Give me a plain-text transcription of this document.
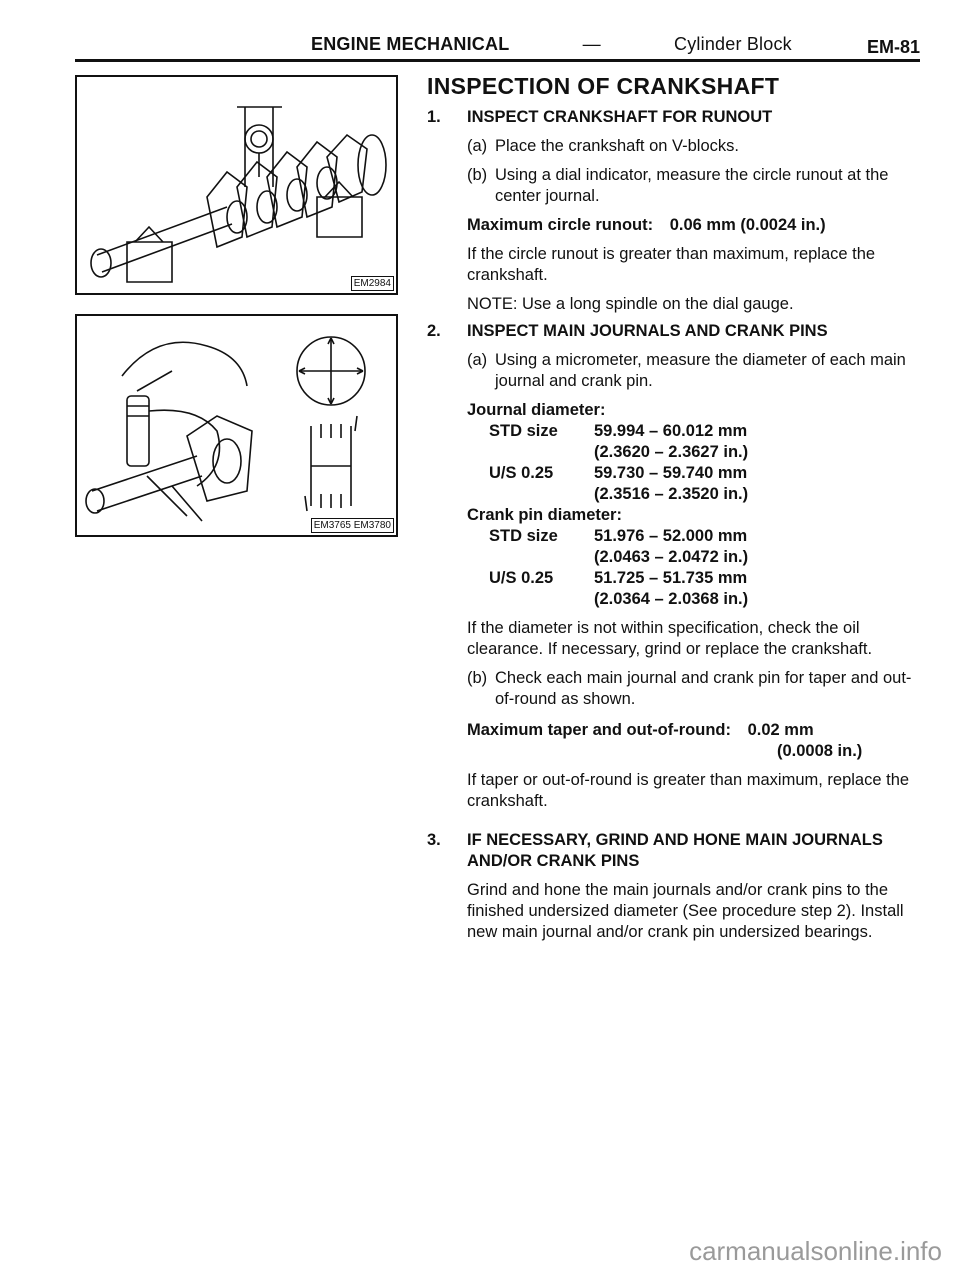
ENGINE MECHANICAL	—	Cylinder Block	EM-81
EM2984
EM3765 EM3780
INSPECTION OF CRANKSHAFT
1. INSPECT CRANKSHAFT FOR RUNOUT
(a) Place the crankshaft on V-blocks.
(b) Using a dial indicator, measure the circle runout at the center journal.
Maximum circle runout: 0.06 mm (0.0024 in.)
If the circle runout is greater than maximum, replace the crankshaft.
NOTE: Use a long spindle on the dial gauge.
2. INSPECT MAIN JOURNALS AND CRANK PINS
(a) Using a micrometer, measure the diameter of each main journal and crank pin.
Journal diameter:
STD size	59.994 – 60.012 mm
(2.3620 – 2.3627 in.)
U/S 0.25	59.730 – 59.740 mm
(2.3516 – 2.3520 in.)
Crank pin diameter:
STD size	51.976 – 52.000 mm
(2.0463 – 2.0472 in.)
U/S 0.25	51.725 – 51.735 mm
(2.0364 – 2.0368 in.)
If the diameter is not within specification, check the oil clearance. If necessary, grind or replace the crankshaft.
(b) Check each main journal and crank pin for taper and out-of-round as shown.
Maximum taper and out-of-round: 0.02 mm
(0.0008 in.)
If taper or out-of-round is greater than maximum, replace the crankshaft.
3. IF NECESSARY, GRIND AND HONE MAIN JOURNALS AND/OR CRANK PINS
Grind and hone the main journals and/or crank pins to the finished undersized diameter (See procedure step 2). Install new main journal and/or crank pin undersized bearings.
carmanualsonline.info
